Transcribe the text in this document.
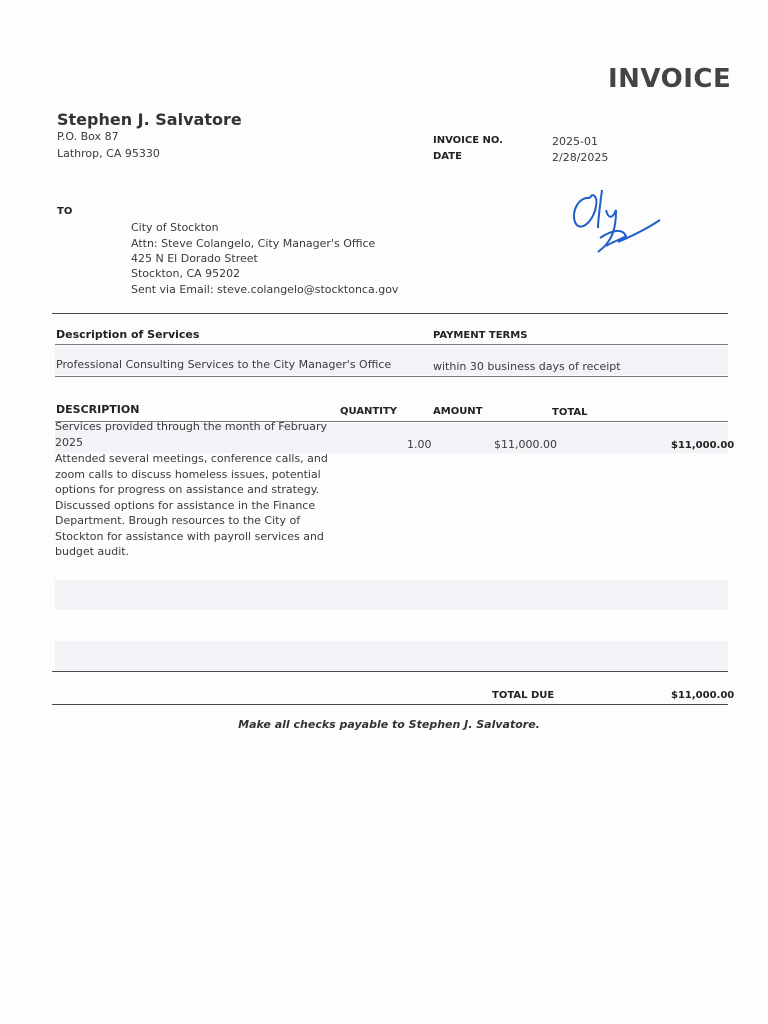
INVOICE
Stephen J. Salvatore
P.O. Box 87
Lathrop, CA 95330
INVOICE NO.	2025-01
DATE	2/28/2025
TO
City of Stockton
Attn: Steve Colangelo, City Manager's Office
425 N El Dorado Street
Stockton, CA 95202
Sent via Email: steve.colangelo@stocktonca.gov
Description of Services	PAYMENT TERMS
Professional Consulting Services to the City Manager's Office	within 30 business days of receipt
DESCRIPTION	QUANTITY	AMOUNT	TOTAL
Services provided through the month of February 2025	1.00	$11,000.00	$11,000.00
Attended several meetings, conference calls, and zoom calls to discuss homeless issues, potential options for progress on assistance and strategy. Discussed options for assistance in the Finance Department. Brough resources to the City of Stockton for assistance with payroll services and budget audit.
TOTAL DUE	$11,000.00
Make all checks payable to Stephen J. Salvatore.
